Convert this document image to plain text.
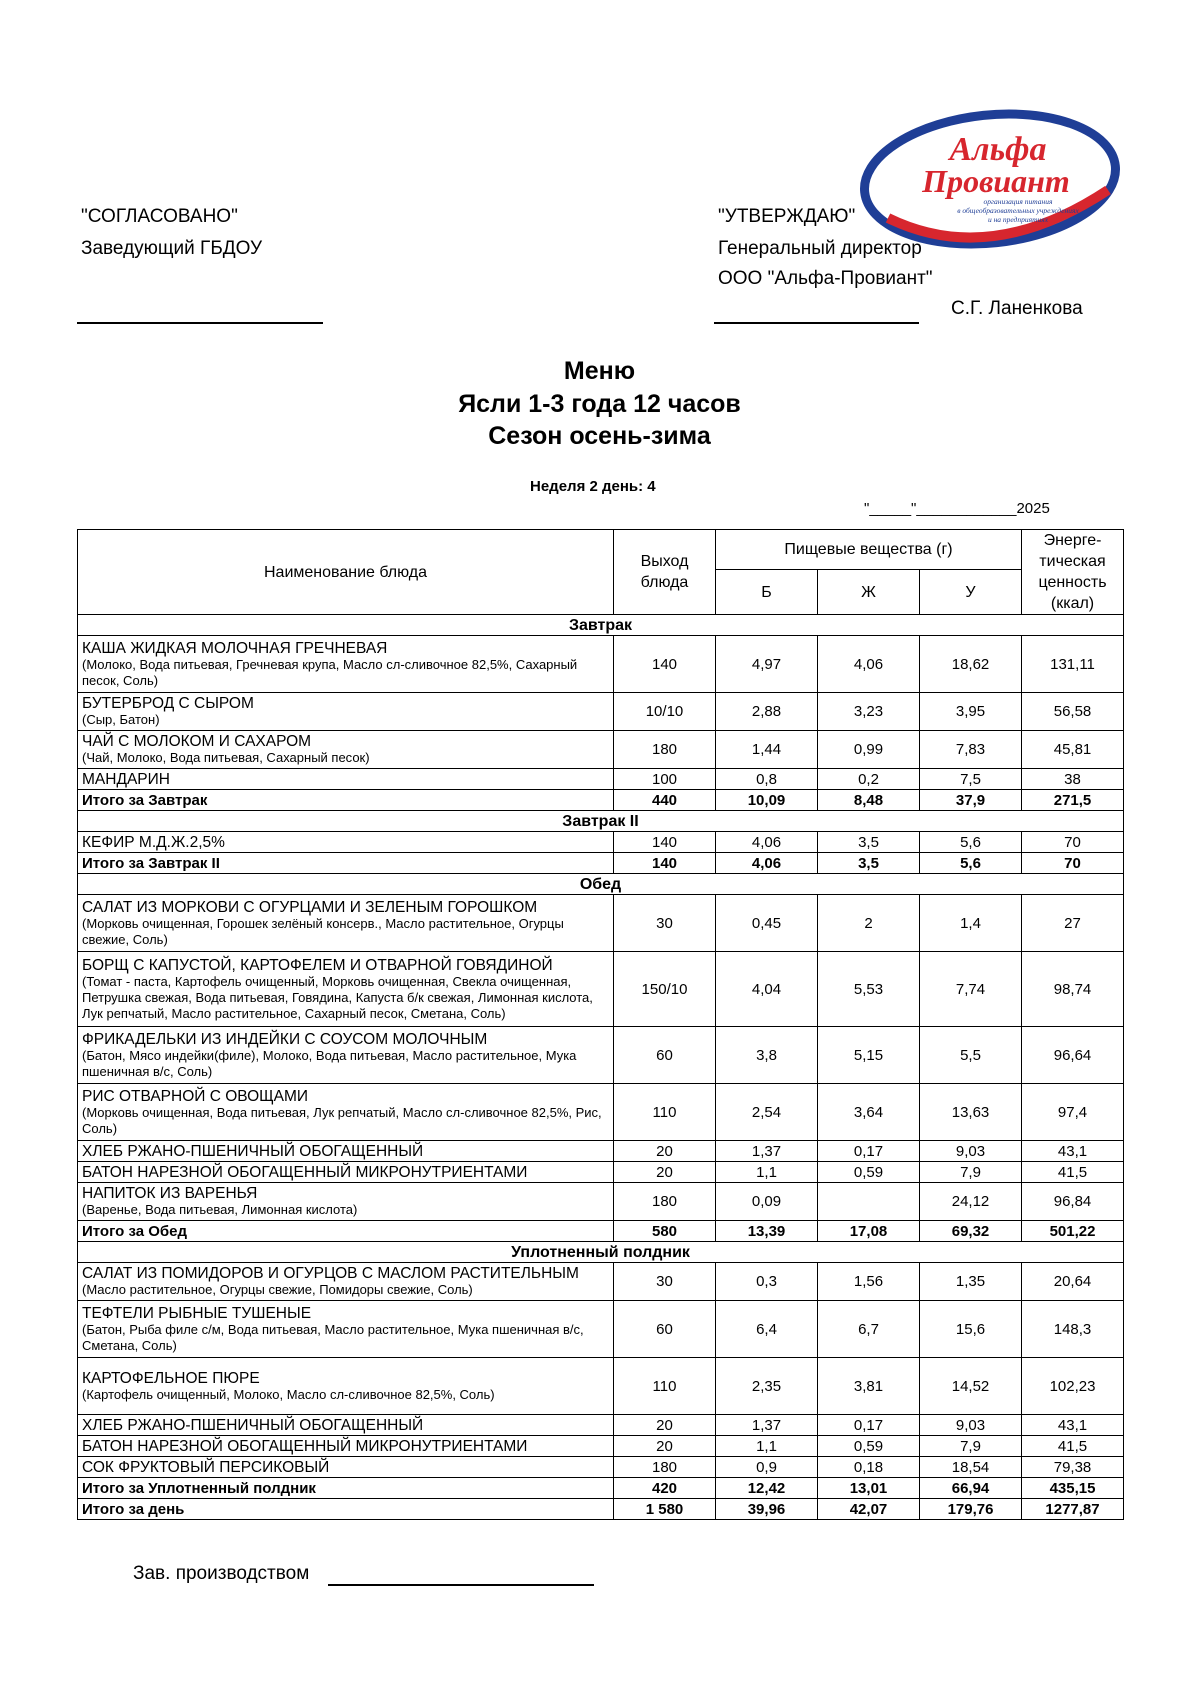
"СОГЛАСОВАНО"
Заведующий ГБДОУ
"УТВЕРЖДАЮ"
Генеральный директор
ООО "Альфа-Провиант"
С.Г. Ланенкова
Альфа
Провиант
организация питания
в общеобразовательных учреждениях
и на предприятиях
Меню
Ясли 1-3 года 12 часов
Сезон осень-зима
Неделя 2 день: 4
"_____"____________2025
Наименование блюда	Выход блюда	Пищевые вещества (г)			Энерге-тическая ценность (ккал)
		Б	Ж	У	
Завтрак					

КАША ЖИДКАЯ МОЛОЧНАЯ ГРЕЧНЕВАЯ
(Молоко, Вода питьевая, Гречневая крупа, Масло сл-сливочное 82,5%, Сахарный песок, Соль)	140	4,97	4,06	18,62	131,11

БУТЕРБРОД С СЫРОМ
(Сыр, Батон)	10/10	2,88	3,23	3,95	56,58

ЧАЙ С МОЛОКОМ И САХАРОМ
(Чай, Молоко, Вода питьевая, Сахарный песок)	180	1,44	0,99	7,83	45,81

МАНДАРИН	100	0,8	0,2	7,5	38
Итого за Завтрак	440	10,09	8,48	37,9	271,5
Завтрак II					

КЕФИР М.Д.Ж.2,5%	140	4,06	3,5	5,6	70
Итого за Завтрак II	140	4,06	3,5	5,6	70
Обед					

САЛАТ ИЗ МОРКОВИ С ОГУРЦАМИ И ЗЕЛЕНЫМ ГОРОШКОМ
(Морковь очищенная, Горошек зелёный консерв., Масло растительное, Огурцы свежие, Соль)	30	0,45	2	1,4	27

БОРЩ С КАПУСТОЙ, КАРТОФЕЛЕМ И ОТВАРНОЙ ГОВЯДИНОЙ
(Томат - паста, Картофель очищенный, Морковь очищенная, Свекла очищенная, Петрушка свежая, Вода питьевая, Говядина, Капуста б/к свежая, Лимонная кислота, Лук репчатый, Масло растительное, Сахарный песок, Сметана, Соль)	150/10	4,04	5,53	7,74	98,74

ФРИКАДЕЛЬКИ ИЗ ИНДЕЙКИ С СОУСОМ МОЛОЧНЫМ
(Батон, Мясо индейки(филе), Молоко, Вода питьевая, Масло растительное, Мука пшеничная в/с, Соль)	60	3,8	5,15	5,5	96,64

РИС ОТВАРНОЙ С ОВОЩАМИ
(Морковь очищенная, Вода питьевая, Лук репчатый, Масло сл-сливочное 82,5%, Рис, Соль)	110	2,54	3,64	13,63	97,4

ХЛЕБ РЖАНО-ПШЕНИЧНЫЙ ОБОГАЩЕННЫЙ	20	1,37	0,17	9,03	43,1

БАТОН НАРЕЗНОЙ ОБОГАЩЕННЫЙ МИКРОНУТРИЕНТАМИ	20	1,1	0,59	7,9	41,5

НАПИТОК ИЗ ВАРЕНЬЯ
(Варенье, Вода питьевая, Лимонная кислота)	180	0,09		24,12	96,84
Итого за Обед	580	13,39	17,08	69,32	501,22
Уплотненный полдник					

САЛАТ ИЗ ПОМИДОРОВ И ОГУРЦОВ С МАСЛОМ РАСТИТЕЛЬНЫМ
(Масло растительное, Огурцы свежие, Помидоры свежие, Соль)	30	0,3	1,56	1,35	20,64

ТЕФТЕЛИ РЫБНЫЕ ТУШЕНЫЕ
(Батон, Рыба филе с/м, Вода питьевая, Масло растительное, Мука пшеничная в/с, Сметана, Соль)	60	6,4	6,7	15,6	148,3

КАРТОФЕЛЬНОЕ ПЮРЕ
(Картофель очищенный, Молоко, Масло сл-сливочное 82,5%, Соль)	110	2,35	3,81	14,52	102,23

ХЛЕБ РЖАНО-ПШЕНИЧНЫЙ ОБОГАЩЕННЫЙ	20	1,37	0,17	9,03	43,1

БАТОН НАРЕЗНОЙ ОБОГАЩЕННЫЙ МИКРОНУТРИЕНТАМИ	20	1,1	0,59	7,9	41,5

СОК ФРУКТОВЫЙ ПЕРСИКОВЫЙ	180	0,9	0,18	18,54	79,38
Итого за Уплотненный полдник	420	12,42	13,01	66,94	435,15
Итого за день	1 580	39,96	42,07	179,76	1277,87
Зав. производством
